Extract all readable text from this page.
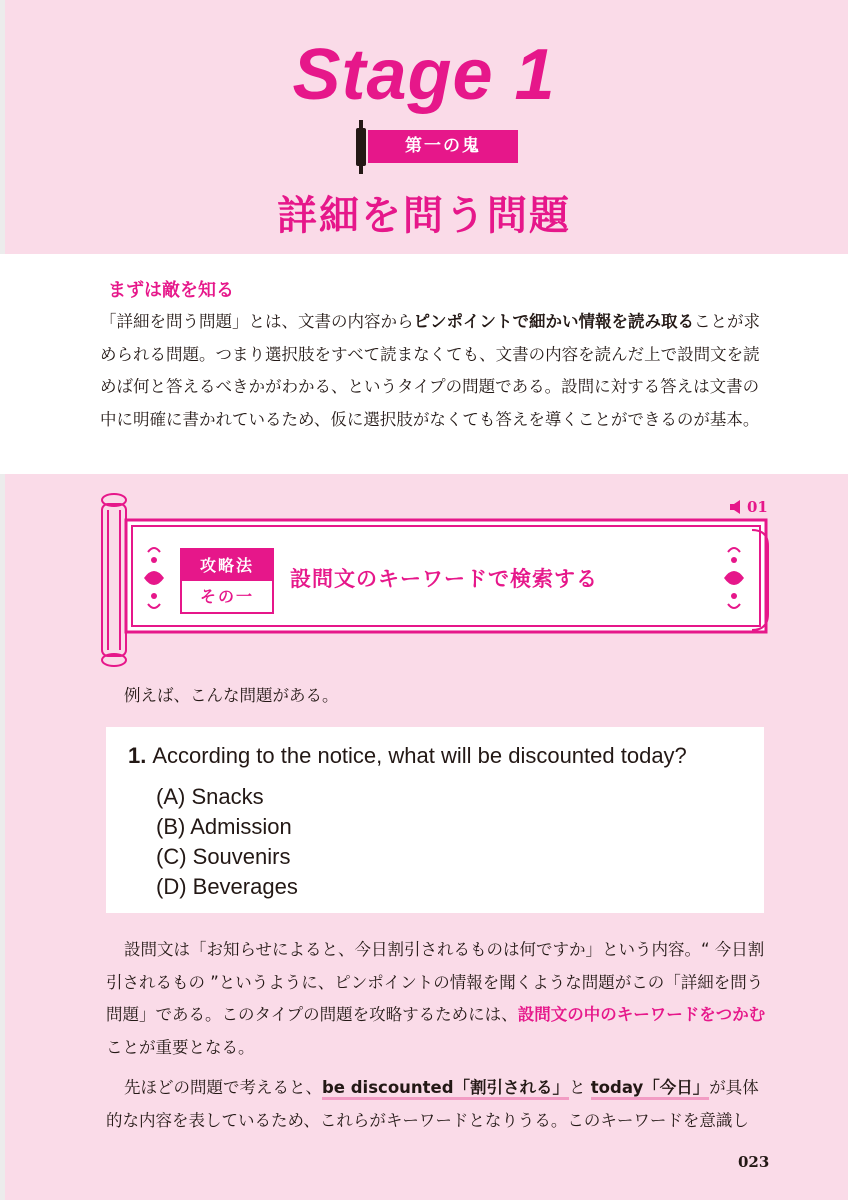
Stage 1
第一の鬼
詳細を問う問題
まずは敵を知る
「詳細を問う問題」とは、文書の内容からピンポイントで細かい情報を読み取ることが求められる問題。つまり選択肢をすべて読まなくても、文書の内容を読んだ上で設問文を読めば何と答えるべきかがわかる、というタイプの問題である。設問に対する答えは文書の中に明確に書かれているため、仮に選択肢がなくても答えを導くことができるのが基本。
01
攻略法
その一
設問文のキーワードで検索する
例えば、こんな問題がある。
1. According to the notice, what will be discounted today?
(A) Snacks
(B) Admission
(C) Souvenirs
(D) Beverages
設問文は「お知らせによると、今日割引されるものは何ですか」という内容。“ 今日割引されるもの ”というように、ピンポイントの情報を聞くような問題がこの「詳細を問う問題」である。このタイプの問題を攻略するためには、設問文の中のキーワードをつかむことが重要となる。
先ほどの問題で考えると、be discounted「割引される」と today「今日」が具体的な内容を表しているため、これらがキーワードとなりうる。このキーワードを意識し
023
